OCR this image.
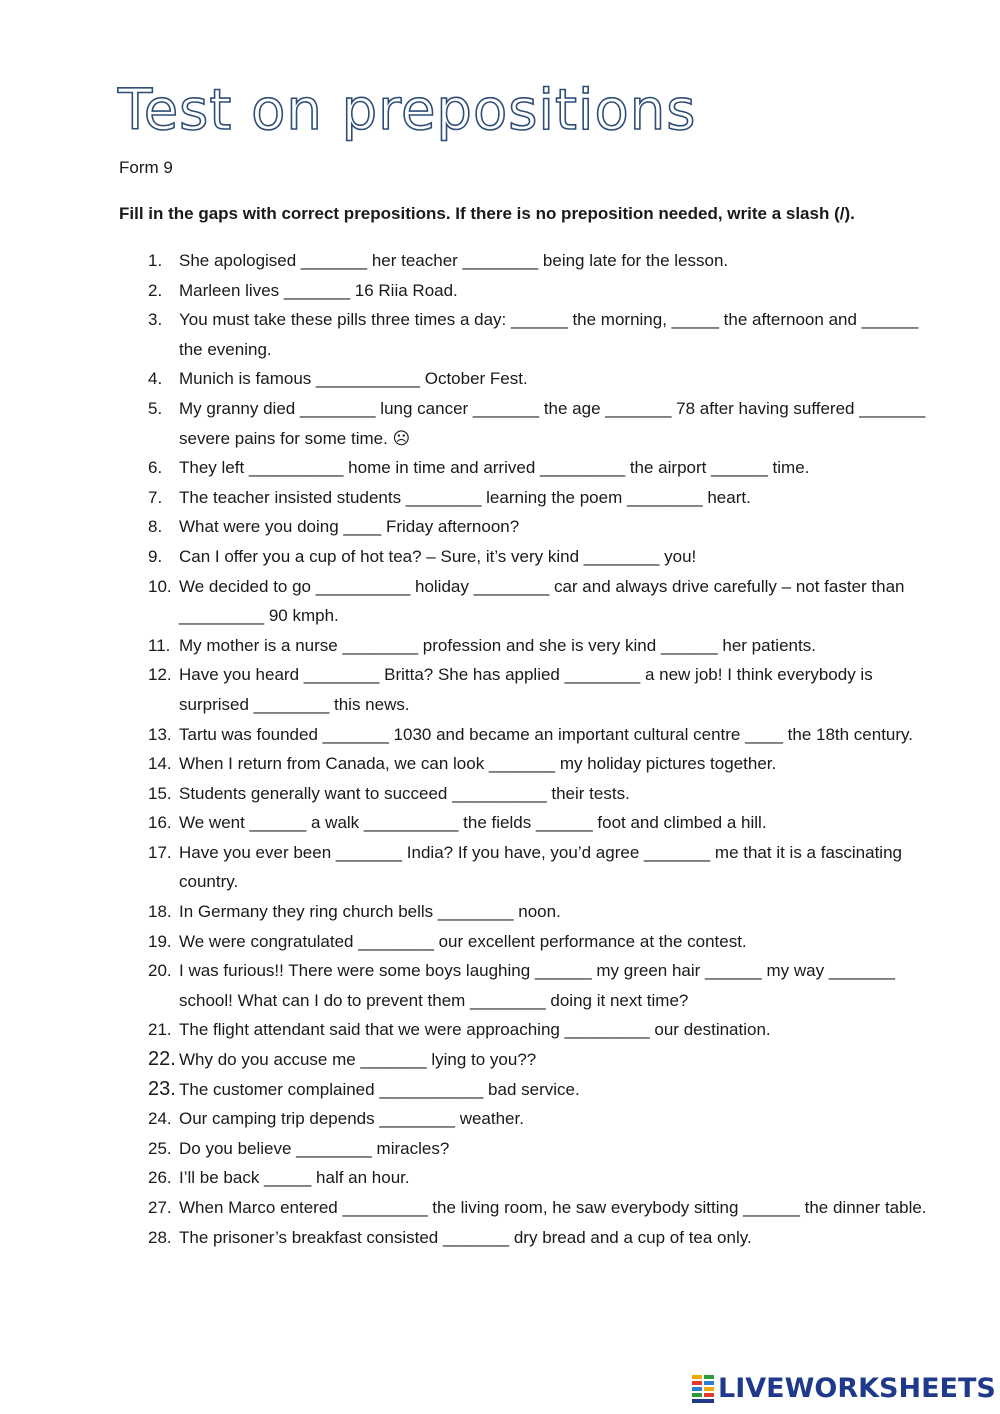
Test on prepositions
Form 9
Fill in the gaps with correct prepositions. If there is no preposition needed, write a slash (/).
1. She apologised _______ her teacher ________ being late for the lesson.
2. Marleen lives _______ 16 Riia Road.
3. You must take these pills three times a day: ______ the morning, _____ the afternoon and ______ the evening.
4. Munich is famous ___________ October Fest.
5. My granny died ________ lung cancer _______ the age _______ 78 after having suffered _______ severe pains for some time. ☹
6. They left __________ home in time and arrived _________ the airport ______ time.
7. The teacher insisted students ________ learning the poem ________ heart.
8. What were you doing ____ Friday afternoon?
9. Can I offer you a cup of hot tea? – Sure, it’s very kind ________ you!
10. We decided to go __________ holiday ________ car and always drive carefully – not faster than _________ 90 kmph.
11. My mother is a nurse ________ profession and she is very kind ______ her patients.
12. Have you heard ________ Britta? She has applied ________ a new job! I think everybody is surprised ________ this news.
13. Tartu was founded _______ 1030 and became an important cultural centre ____ the 18th century.
14. When I return from Canada, we can look _______ my holiday pictures together.
15. Students generally want to succeed __________ their tests.
16. We went ______ a walk __________ the fields ______ foot and climbed a hill.
17. Have you ever been _______ India? If you have, you’d agree _______ me that it is a fascinating country.
18. In Germany they ring church bells ________ noon.
19. We were congratulated ________ our excellent performance at the contest.
20. I was furious!! There were some boys laughing ______ my green hair ______ my way _______ school! What can I do to prevent them ________ doing it next time?
21. The flight attendant said that we were approaching _________ our destination.
22. Why do you accuse me _______ lying to you??
23. The customer complained ___________ bad service.
24. Our camping trip depends ________ weather.
25. Do you believe ________ miracles?
26. I’ll be back _____ half an hour.
27. When Marco entered _________ the living room, he saw everybody sitting ______ the dinner table.
28. The prisoner’s breakfast consisted _______ dry bread and a cup of tea only.
LIVEWORKSHEETS
